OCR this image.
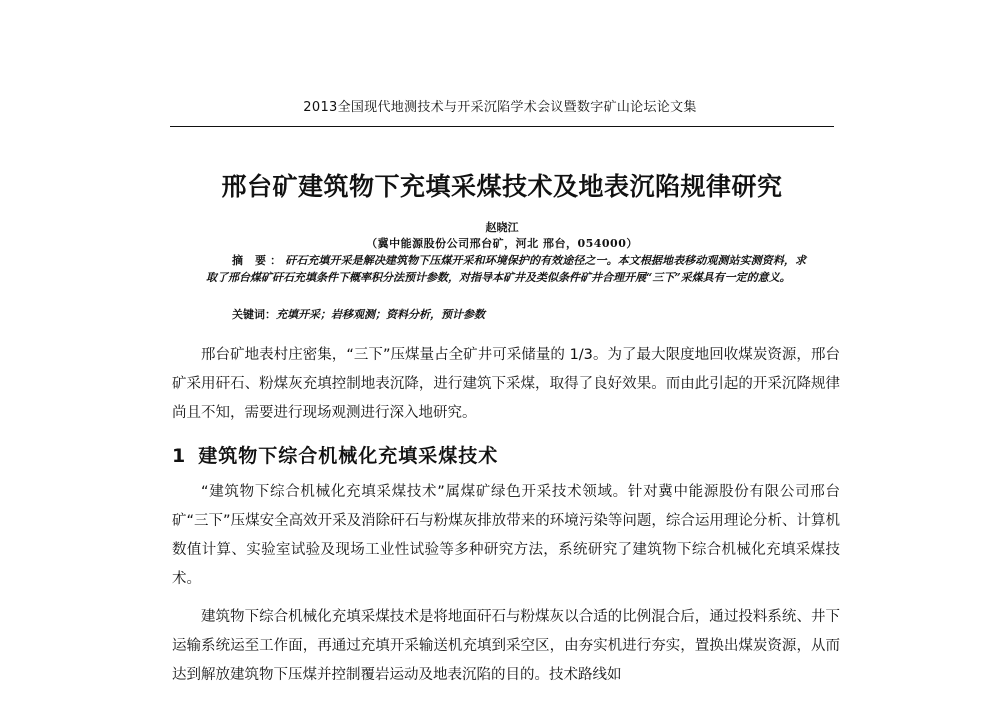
2013全国现代地测技术与开采沉陷学术会议暨数字矿山论坛论文集
邢台矿建筑物下充填采煤技术及地表沉陷规律研究
赵晓江
（冀中能源股份公司邢台矿，河北 邢台，054000）
摘 要：矸石充填开采是解决建筑物下压煤开采和环境保护的有效途径之一。本文根据地表移动观测站实测资料，求取了邢台煤矿矸石充填条件下概率积分法预计参数，对指导本矿井及类似条件矿井合理开展“三下”采煤具有一定的意义。
关键词：充填开采；岩移观测；资料分析，预计参数
邢台矿地表村庄密集，“三下”压煤量占全矿井可采储量的 1/3。为了最大限度地回收煤炭资源，邢台矿采用矸石、粉煤灰充填控制地表沉降，进行建筑下采煤，取得了良好效果。而由此引起的开采沉降规律尚且不知，需要进行现场观测进行深入地研究。
1 建筑物下综合机械化充填采煤技术
“建筑物下综合机械化充填采煤技术”属煤矿绿色开采技术领域。针对冀中能源股份有限公司邢台矿“三下”压煤安全高效开采及消除矸石与粉煤灰排放带来的环境污染等问题，综合运用理论分析、计算机数值计算、实验室试验及现场工业性试验等多种研究方法，系统研究了建筑物下综合机械化充填采煤技术。
建筑物下综合机械化充填采煤技术是将地面矸石与粉煤灰以合适的比例混合后，通过投料系统、井下运输系统运至工作面，再通过充填开采输送机充填到采空区，由夯实机进行夯实，置换出煤炭资源，从而达到解放建筑物下压煤并控制覆岩运动及地表沉陷的目的。技术路线如
